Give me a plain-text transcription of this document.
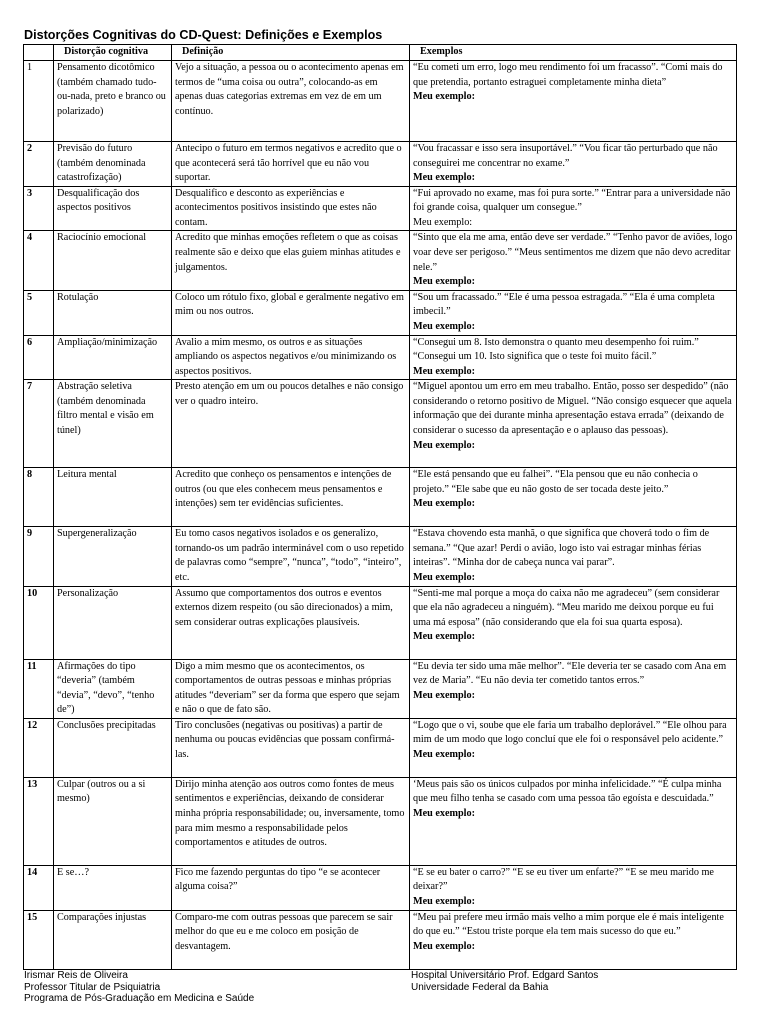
Distorções Cognitivas do CD-Quest: Definições e Exemplos
	Distorção cognitiva	Definição	Exemplos
1	Pensamento dicotômico (também chamado tudo-ou-nada, preto e branco ou polarizado)	Vejo a situação, a pessoa ou o acontecimento apenas em termos de “uma coisa ou outra”, colocando-as em apenas duas categorias extremas em vez de em um contínuo.	“Eu cometi um erro, logo meu rendimento foi um fracasso”. “Comi mais do que pretendia, portanto estraguei completamente minha dieta”
Meu exemplo:

2	Previsão do futuro (também denominada catastrofização)	Antecipo o futuro em termos negativos e acredito que o que acontecerá será tão horrível que eu não vou suportar.	“Vou fracassar e isso sera insuportável.” “Vou ficar tão perturbado que não conseguirei me concentrar no exame.”
Meu exemplo:

3	Desqualificação dos aspectos positivos	Desqualifico e desconto as experiências e acontecimentos positivos insistindo que estes não contam.	“Fui aprovado no exame, mas foi pura sorte.” “Entrar para a universidade não foi grande coisa, qualquer um consegue.”
Meu exemplo:

4	Raciocínio emocional	Acredito que minhas emoções refletem o que as coisas realmente são e deixo que elas guiem minhas atitudes e julgamentos.	“Sinto que ela me ama, então deve ser verdade.” “Tenho pavor de aviões, logo voar deve ser perigoso.” “Meus sentimentos me dizem que não devo acreditar nele.”
Meu exemplo:

5	Rotulação	Coloco um rótulo fixo, global e geralmente negativo em mim ou nos outros.	“Sou um fracassado.” “Ele é uma pessoa estragada.” “Ela é uma completa imbecil.”
Meu exemplo:

6	Ampliação/minimização	Avalio a mim mesmo, os outros e as situações ampliando os aspectos negativos e/ou minimizando os aspectos positivos.	“Consegui um 8. Isto demonstra o quanto meu desempenho foi ruim.” “Consegui um 10. Isto significa que o teste foi muito fácil.”
Meu exemplo:

7	Abstração seletiva (também denominada filtro mental e visão em túnel)	Presto atenção em um ou poucos detalhes e não consigo ver o quadro inteiro.	“Miguel apontou um erro em meu trabalho. Então, posso ser despedido” (não considerando o retorno positivo de Miguel. “Não consigo esquecer que aquela informação que dei durante minha apresentação estava errada” (deixando de considerar o sucesso da apresentação e o aplauso das pessoas).
Meu exemplo:

8	Leitura mental	Acredito que conheço os pensamentos e intenções de outros (ou que eles conhecem meus pensamentos e intenções) sem ter evidências suficientes.	“Ele está pensando que eu falhei”. “Ela pensou que eu não conhecia o projeto.” “Ele sabe que eu não gosto de ser tocada deste jeito.”
Meu exemplo:

9	Supergeneralização	Eu tomo casos negativos isolados e os generalizo, tornando-os um padrão interminável com o uso repetido de palavras como “sempre”, “nunca”, “todo”, “inteiro”, etc.	“Estava chovendo esta manhã, o que significa que choverá todo o fim de semana.” “Que azar! Perdi o avião, logo isto vai estragar minhas férias inteiras”. “Minha dor de cabeça nunca vai parar”.
Meu exemplo:

10	Personalização	Assumo que comportamentos dos outros e eventos externos dizem respeito (ou são direcionados) a mim, sem considerar outras explicações plausíveis.	“Senti-me mal porque a moça do caixa não me agradeceu” (sem considerar que ela não agradeceu a ninguém). “Meu marido me deixou porque eu fui uma má esposa” (não considerando que ela foi sua quarta esposa).
Meu exemplo:

11	Afirmações do tipo “deveria” (também “devia”, “devo”, “tenho de”)	Digo a mim mesmo que os acontecimentos, os comportamentos de outras pessoas e minhas próprias atitudes “deveriam” ser da forma que espero que sejam e não o que de fato são.	“Eu devia ter sido uma mãe melhor”. “Ele deveria ter se casado com Ana em vez de Maria”. “Eu não devia ter cometido tantos erros.”
Meu exemplo:

12	Conclusões precipitadas	Tiro conclusões (negativas ou positivas) a partir de nenhuma ou poucas evidências que possam confirmá-las.	“Logo que o vi, soube que ele faria um trabalho deplorável.” “Ele olhou para mim de um modo que logo concluí que ele foi o responsável pelo acidente.”
Meu exemplo:

13	Culpar (outros ou a si mesmo)	Dirijo minha atenção aos outros como fontes de meus sentimentos e experiências, deixando de considerar minha própria responsabilidade; ou, inversamente, tomo para mim mesmo a responsabilidade pelos comportamentos e atitudes de outros.	‘Meus pais são os únicos culpados por minha infelicidade.” “É culpa minha que meu filho tenha se casado com uma pessoa tão egoísta e descuidada.”
Meu exemplo:

14	E se…?	Fico me fazendo perguntas do tipo “e se acontecer alguma coisa?”	“E se eu bater o carro?” “E se eu tiver um enfarte?” “E se meu marido me deixar?”
Meu exemplo:

15	Comparações injustas	Comparo-me com outras pessoas que parecem se sair melhor do que eu e me coloco em posição de desvantagem.	“Meu pai prefere meu irmão mais velho a mim porque ele é mais inteligente do que eu.” “Estou triste porque ela tem mais sucesso do que eu.”
Meu exemplo:
Irismar Reis de Oliveira
Professor Titular de Psiquiatria
Programa de Pós-Graduação em Medicina e Saúde
Hospital Universitário Prof. Edgard Santos
Universidade Federal da Bahia
